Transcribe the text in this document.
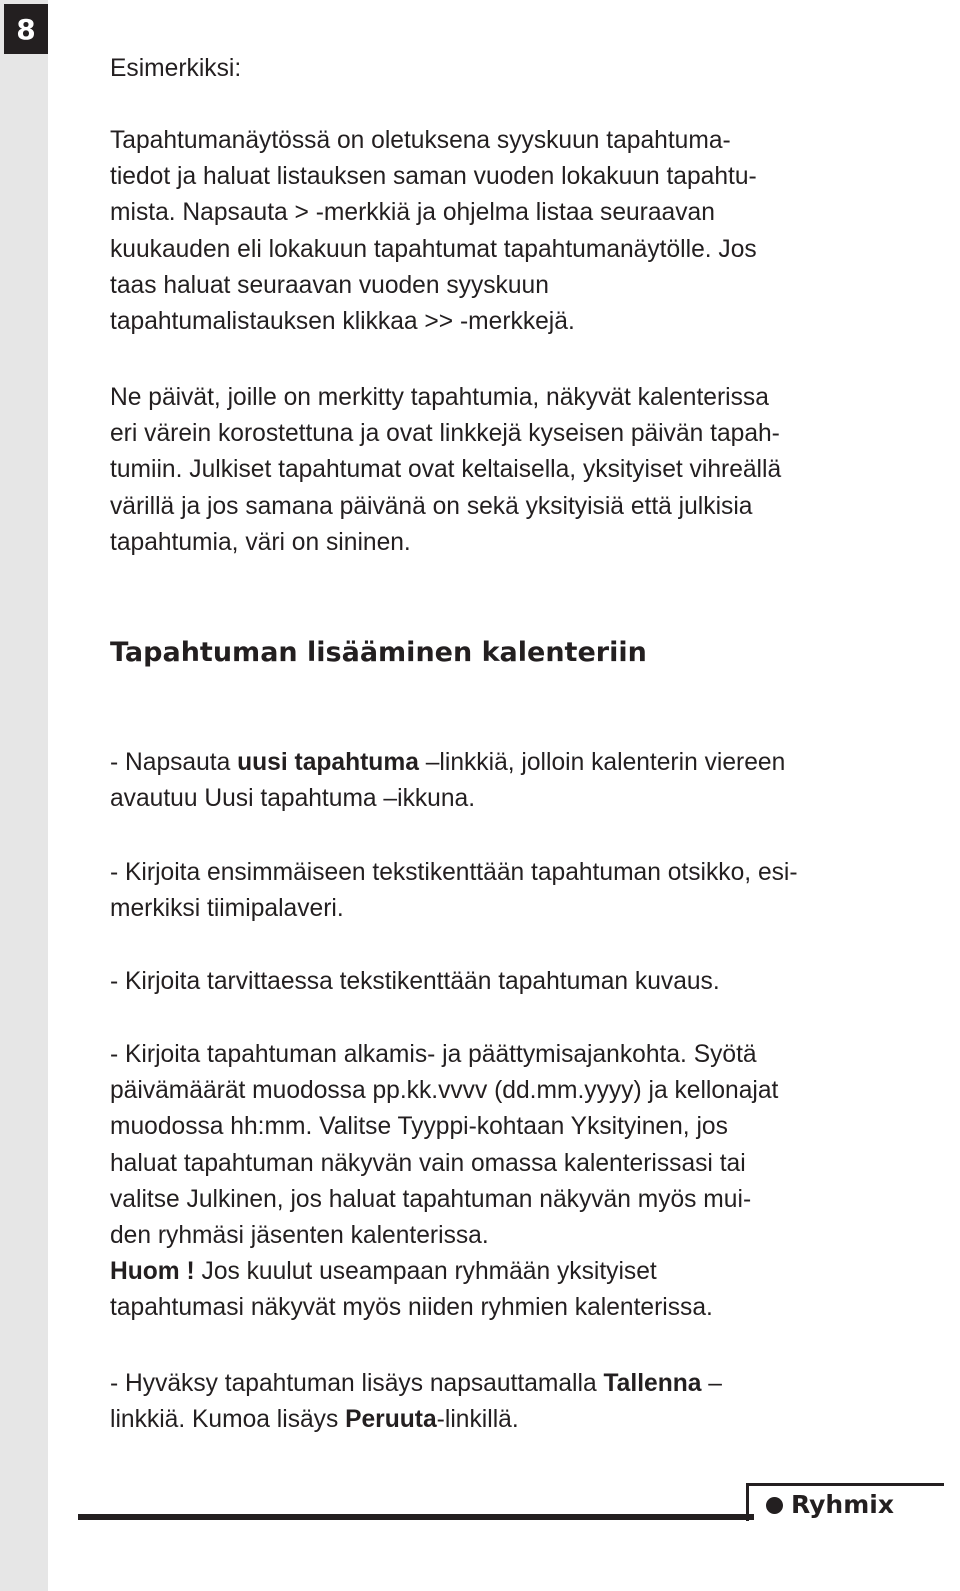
8

Esimerkiksi:

Tapahtumanäytössä on oletuksena syyskuun tapahtuma-
tiedot ja haluat listauksen saman vuoden lokakuun tapahtu-
mista. Napsauta > -merkkiä ja ohjelma listaa seuraavan
kuukauden eli lokakuun tapahtumat tapahtumanäytölle. Jos
taas haluat seuraavan vuoden syyskuun
tapahtumalistauksen klikkaa >> -merkkejä.

Ne päivät, joille on merkitty tapahtumia, näkyvät kalenterissa
eri värein korostettuna ja ovat linkkejä kyseisen päivän tapah-
tumiin. Julkiset tapahtumat ovat keltaisella, yksityiset vihreällä
värillä ja jos samana päivänä on sekä yksityisiä että julkisia
tapahtumia, väri on sininen.

Tapahtuman lisääminen kalenteriin

- Napsauta uusi tapahtuma –linkkiä, jolloin kalenterin viereen
avautuu Uusi tapahtuma –ikkuna.

- Kirjoita ensimmäiseen tekstikenttään tapahtuman otsikko, esi-
merkiksi tiimipalaveri.

- Kirjoita tarvittaessa tekstikenttään tapahtuman kuvaus.

- Kirjoita tapahtuman alkamis- ja päättymisajankohta. Syötä
päivämäärät muodossa pp.kk.vvvv (dd.mm.yyyy) ja kellonajat
muodossa hh:mm. Valitse Tyyppi-kohtaan Yksityinen, jos
haluat tapahtuman näkyvän vain omassa kalenterissasi tai
valitse Julkinen, jos haluat tapahtuman näkyvän myös mui-
den ryhmäsi jäsenten kalenterissa.
Huom ! Jos kuulut useampaan ryhmään yksityiset
tapahtumasi näkyvät myös niiden ryhmien kalenterissa.

- Hyväksy tapahtuman lisäys napsauttamalla Tallenna –
linkkiä. Kumoa lisäys Peruuta-linkillä.

Ryhmix
